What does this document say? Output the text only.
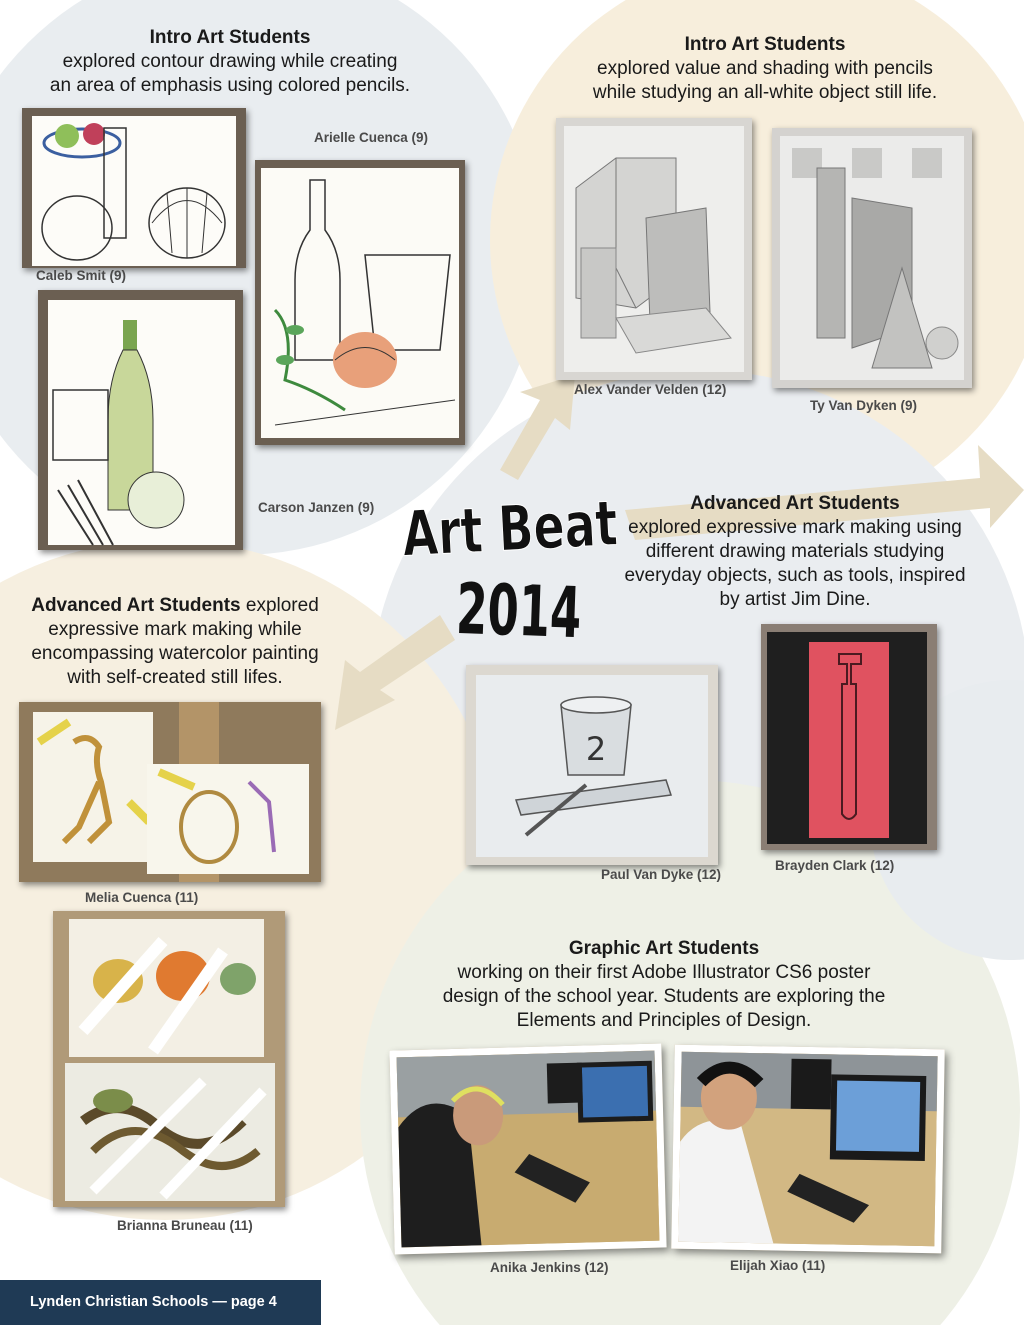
Intro Art Students
explored contour drawing while creating
an area of emphasis using colored pencils.
Intro Art Students
explored value and shading with pencils
while studying an all-white object still life.
Advanced Art Students
explored expressive mark making using
different drawing materials studying
everyday objects, such as tools, inspired
by artist Jim Dine.
Advanced Art Students explored
expressive mark making while
encompassing watercolor painting
with self-created still lifes.
Graphic Art Students
working on their first Adobe Illustrator CS6 poster
design of the school year. Students are exploring the
Elements and Principles of Design.
Art Beat
2014
Caleb Smit (9)
Arielle Cuenca (9)
Carson Janzen (9)
Alex Vander Velden (12)
Ty Van Dyken (9)
2
Paul Van Dyke (12)
Brayden Clark (12)
Melia Cuenca (11)
Brianna Bruneau (11)
Anika Jenkins (12)	Elijah Xiao (11)
Lynden Christian Schools — page 4
